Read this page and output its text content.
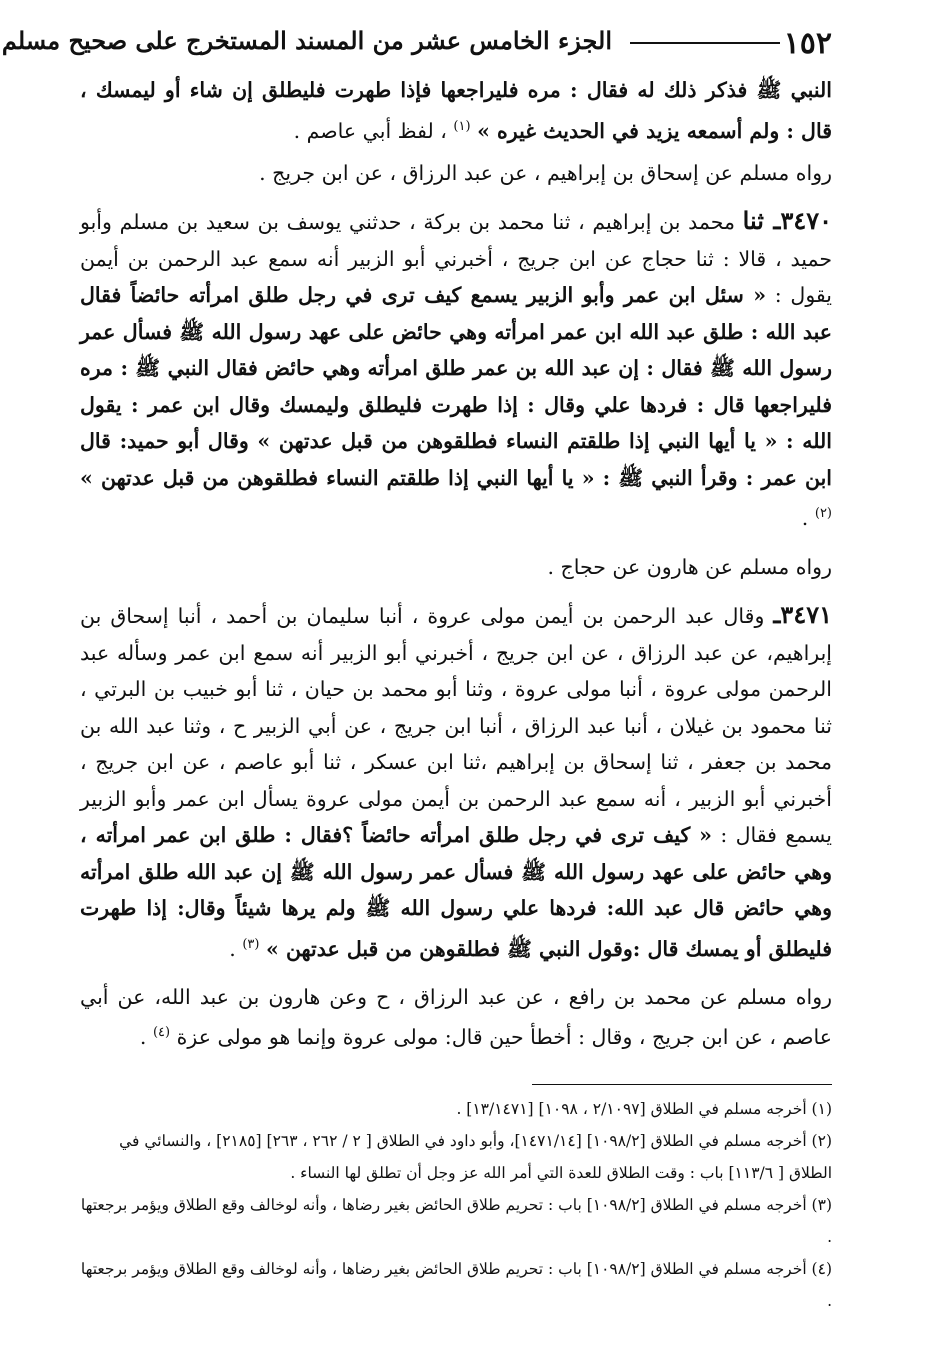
١٥٢
الجزء الخامس عشر من المسند المستخرج على صحيح مسلم

النبي ﷺ فذكر ذلك له فقال : مره فليراجعها فإذا طهرت فليطلق إن شاء أو ليمسك ، قال : ولم أسمعه يزيد في الحديث غيره » $^{(١)}$ ، لفظ أبي عاصم .

رواه مسلم عن إسحاق بن إبراهيم ، عن عبد الرزاق ، عن ابن جريج .

٣٤٧٠ـ ثنا محمد بن إبراهيم ، ثنا محمد بن بركة ، حدثني يوسف بن سعيد بن مسلم وأبو حميد ، قالا : ثنا حجاج عن ابن جريج ، أخبرني أبو الزبير أنه سمع عبد الرحمن بن أيمن يقول : « سئل ابن عمر وأبو الزبير يسمع كيف ترى في رجل طلق امرأته حائضاً فقال عبد الله : طلق عبد الله ابن عمر امرأته وهي حائض على عهد رسول الله ﷺ فسأل عمر رسول الله ﷺ فقال : إن عبد الله بن عمر طلق امرأته وهي حائض فقال النبي ﷺ : مره فليراجعها قال : فردها علي وقال : إذا طهرت فليطلق وليمسك وقال ابن عمر : يقول الله : « يا أيها النبي إذا طلقتم النساء فطلقوهن من قبل عدتهن » وقال أبو حميد: قال ابن عمر : وقرأ النبي ﷺ : « يا أيها النبي إذا طلقتم النساء فطلقوهن من قبل عدتهن » $^{(٢)}$ .

رواه مسلم عن هارون عن حجاج .

٣٤٧١ـ وقال عبد الرحمن بن أيمن مولى عروة ، أنبا سليمان بن أحمد ، أنبا إسحاق بن إبراهيم، عن عبد الرزاق ، عن ابن جريج ، أخبرني أبو الزبير أنه سمع ابن عمر وسأله عبد الرحمن مولى عروة ، أنبا مولى عروة ، وثنا أبو محمد بن حيان ، ثنا أبو خبيب بن البرتي ، ثنا محمود بن غيلان ، أنبا عبد الرزاق ، أنبا ابن جريج ، عن أبي الزبير ح ، وثنا عبد الله بن محمد بن جعفر ، ثنا إسحاق بن إبراهيم ،ثنا ابن عسكر ، ثنا أبو عاصم ، عن ابن جريج ، أخبرني أبو الزبير ، أنه سمع عبد الرحمن بن أيمن مولى عروة يسأل ابن عمر وأبو الزبير يسمع فقال : « كيف ترى في رجل طلق امرأته حائضاً ؟فقال : طلق ابن عمر امرأته ، وهي حائض على عهد رسول الله ﷺ فسأل عمر رسول الله ﷺ إن عبد الله طلق امرأته وهي حائض قال عبد الله: فردها علي رسول الله ﷺ ولم يرها شيئاً وقال: إذا طهرت فليطلق أو يمسك قال :وقول النبي ﷺ فطلقوهن من قبل عدتهن » $^{(٣)}$ .

رواه مسلم عن محمد بن رافع ، عن عبد الرزاق ، ح وعن هارون بن عبد الله، عن أبي عاصم ، عن ابن جريج ، وقال : أخطأ حين قال: مولى عروة وإنما هو مولى عزة $^{(٤)}$ .

(١) أخرجه مسلم في الطلاق [٢/١٠٩٧ ، ١٠٩٨] [١٣/١٤٧١] .

(٢) أخرجه مسلم في الطلاق [١٠٩٨/٢] [١٤٧١/١٤]، وأبو داود في الطلاق [ ٢ / ٢٦٢ ، ٢٦٣] [٢١٨٥] ، والنسائي في الطلاق [ ١١٣/٦] باب : وقت الطلاق للعدة التي أمر الله عز وجل أن تطلق لها النساء .

(٣) أخرجه مسلم في الطلاق [١٠٩٨/٢] باب : تحريم طلاق الحائض بغير رضاها ، وأنه لوخالف وقع الطلاق ويؤمر برجعتها .

(٤) أخرجه مسلم في الطلاق [١٠٩٨/٢] باب : تحريم طلاق الحائض بغير رضاها ، وأنه لوخالف وقع الطلاق ويؤمر برجعتها .
